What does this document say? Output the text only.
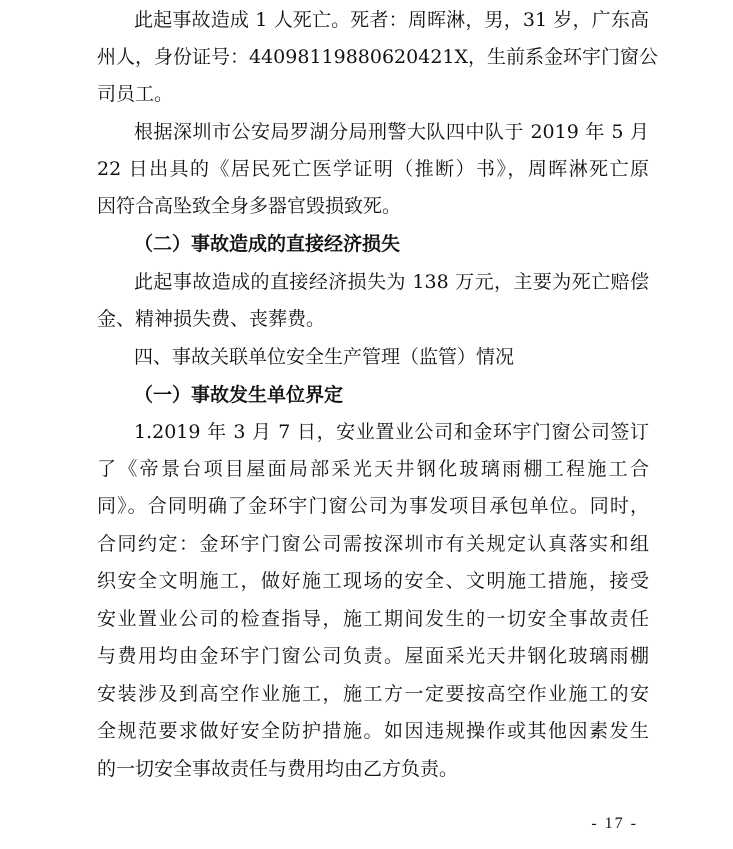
此起事故造成 1 人死亡。死者：周晖淋，男，31 岁，广东高
州人，身份证号：44098119880620421X，生前系金环宇门窗公
司员工。
根据深圳市公安局罗湖分局刑警大队四中队于 2019 年 5 月
22 日出具的《居民死亡医学证明（推断）书》，周晖淋死亡原
因符合高坠致全身多器官毁损致死。
（二）事故造成的直接经济损失
此起事故造成的直接经济损失为 138 万元，主要为死亡赔偿
金、精神损失费、丧葬费。
四、事故关联单位安全生产管理（监管）情况
（一）事故发生单位界定
1.2019 年 3 月 7 日，安业置业公司和金环宇门窗公司签订
了《帝景台项目屋面局部采光天井钢化玻璃雨棚工程施工合
同》。合同明确了金环宇门窗公司为事发项目承包单位。同时，
合同约定：金环宇门窗公司需按深圳市有关规定认真落实和组
织安全文明施工，做好施工现场的安全、文明施工措施，接受
安业置业公司的检查指导，施工期间发生的一切安全事故责任
与费用均由金环宇门窗公司负责。屋面采光天井钢化玻璃雨棚
安装涉及到高空作业施工，施工方一定要按高空作业施工的安
全规范要求做好安全防护措施。如因违规操作或其他因素发生
的一切安全事故责任与费用均由乙方负责。
- 17 -
